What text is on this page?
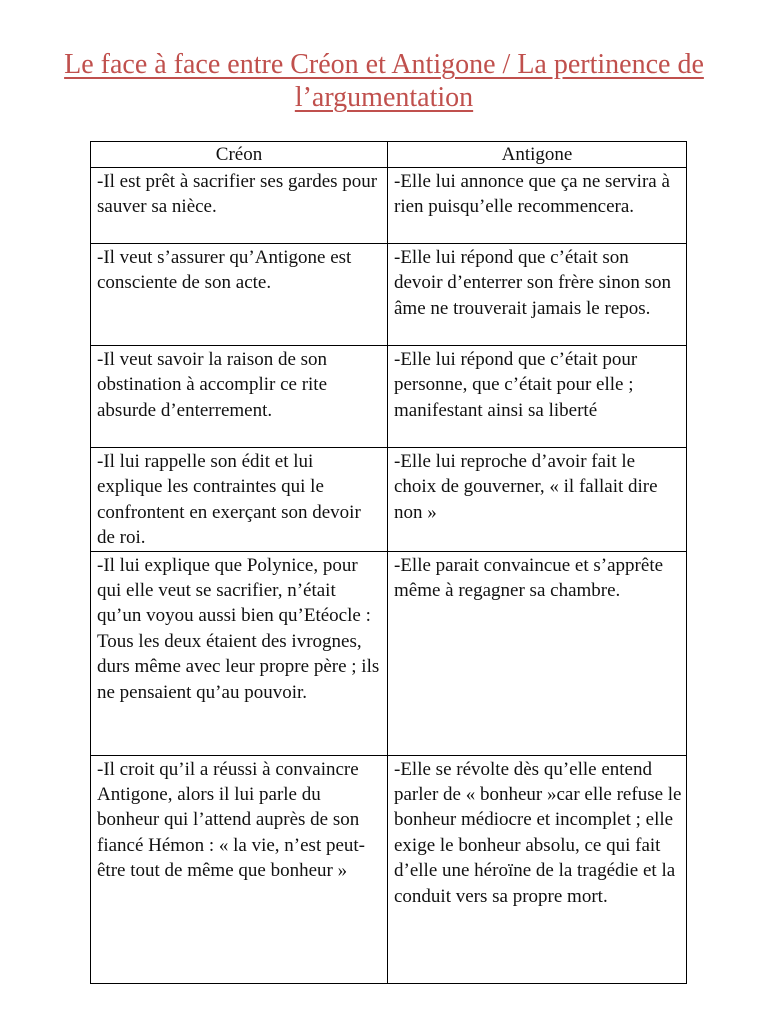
Le face à face entre Créon et Antigone / La pertinence de l’argumentation
Créon	Antigone
-Il est prêt à sacrifier ses gardes pour sauver sa nièce.	-Elle lui annonce que ça ne servira à rien puisqu’elle recommencera.
-Il veut s’assurer qu’Antigone est consciente de son acte.	-Elle lui répond que c’était son devoir d’enterrer son frère sinon son âme ne trouverait jamais le repos.
-Il veut savoir la raison de son obstination à accomplir ce rite absurde d’enterrement.	-Elle lui répond que c’était pour personne, que c’était pour elle ; manifestant ainsi sa liberté
-Il lui rappelle son édit et lui explique les contraintes qui le confrontent en exerçant son devoir de roi.	-Elle lui reproche d’avoir fait le choix de gouverner, « il fallait dire non »
-Il lui explique que Polynice, pour qui elle veut se sacrifier, n’était qu’un voyou aussi bien qu’Etéocle : Tous les deux étaient des ivrognes, durs même avec leur propre père ; ils ne pensaient qu’au pouvoir.	-Elle parait convaincue et s’apprête même à regagner sa chambre.
-Il croit qu’il a réussi à convaincre Antigone, alors il lui parle du bonheur qui l’attend auprès de son fiancé Hémon : « la vie, n’est peut-être tout de même que bonheur »	-Elle se révolte dès qu’elle entend parler de « bonheur »car elle refuse le bonheur médiocre et incomplet ; elle exige le bonheur absolu, ce qui fait d’elle une héroïne de la tragédie et la conduit vers sa propre mort.
